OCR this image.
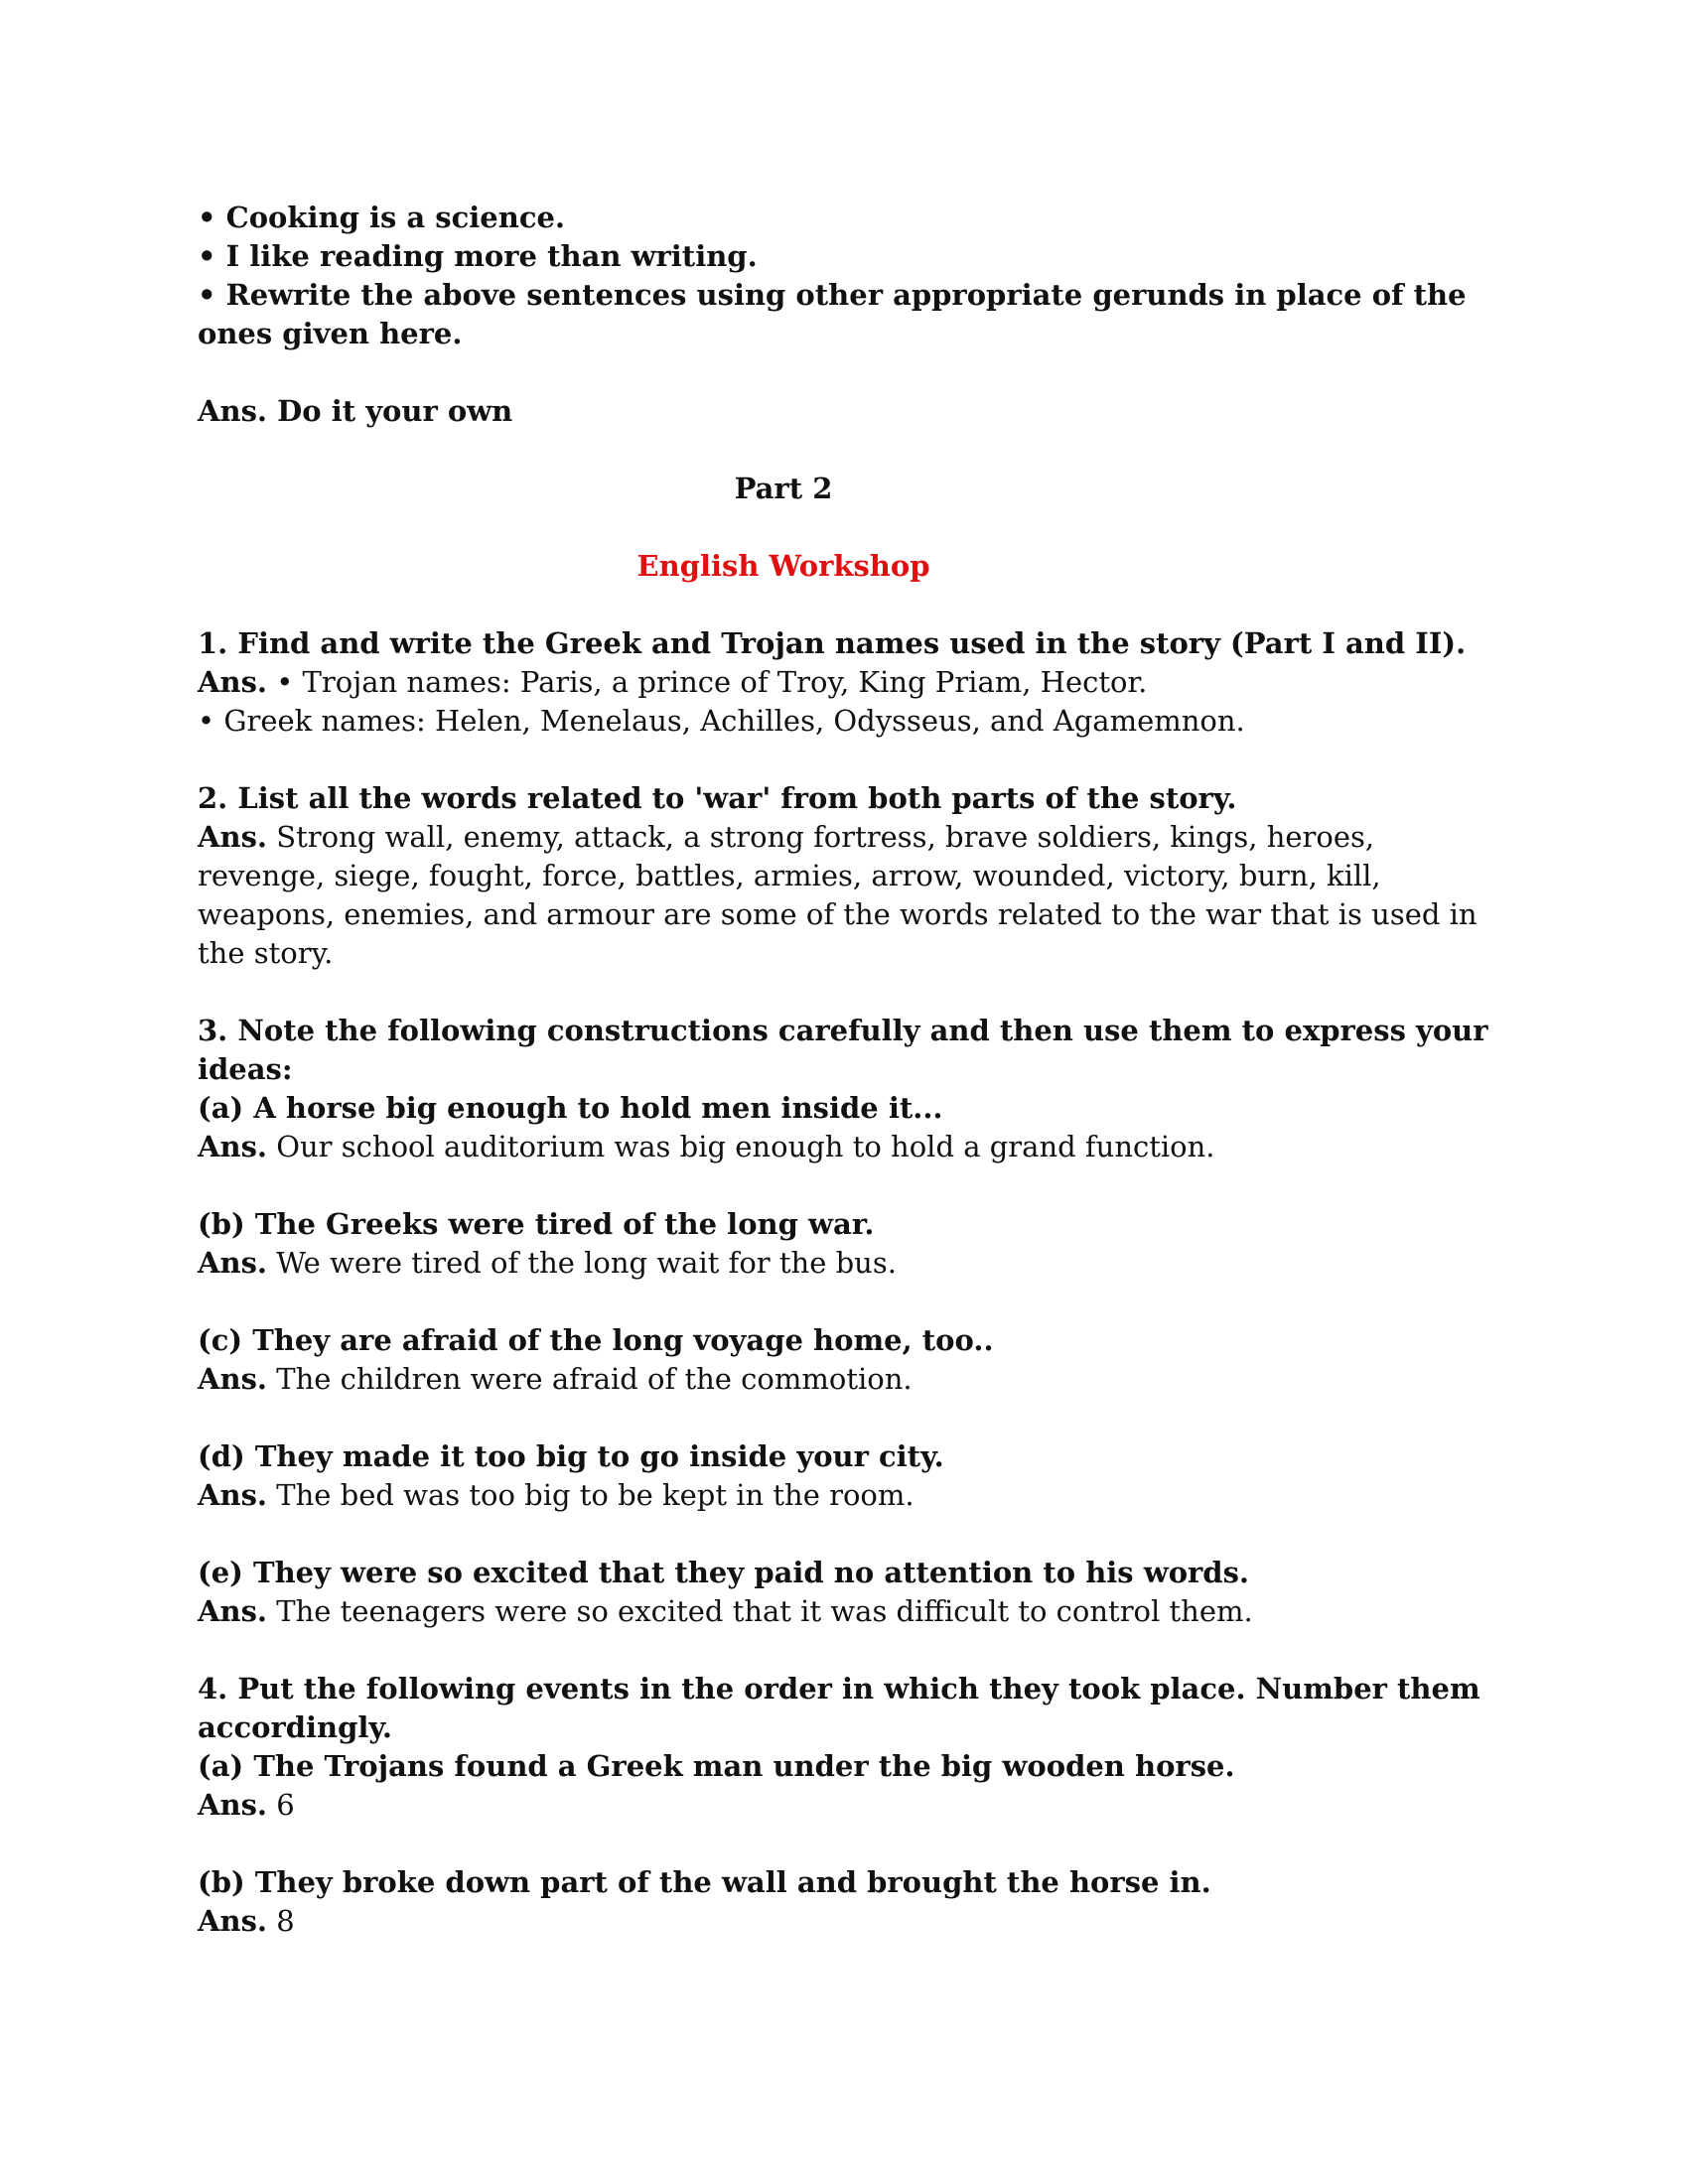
• Cooking is a science.
• I like reading more than writing.
• Rewrite the above sentences using other appropriate gerunds in place of the ones given here.
Ans. Do it your own
Part 2
English Workshop
1. Find and write the Greek and Trojan names used in the story (Part I and II).
Ans. • Trojan names: Paris, a prince of Troy, King Priam, Hector.
• Greek names: Helen, Menelaus, Achilles, Odysseus, and Agamemnon.
2. List all the words related to 'war' from both parts of the story.
Ans. Strong wall, enemy, attack, a strong fortress, brave soldiers, kings, heroes, revenge, siege, fought, force, battles, armies, arrow, wounded, victory, burn, kill, weapons, enemies, and armour are some of the words related to the war that is used in the story.
3. Note the following constructions carefully and then use them to express your ideas:
(a) A horse big enough to hold men inside it...
Ans. Our school auditorium was big enough to hold a grand function.
(b) The Greeks were tired of the long war.
Ans. We were tired of the long wait for the bus.
(c) They are afraid of the long voyage home, too..
Ans. The children were afraid of the commotion.
(d) They made it too big to go inside your city.
Ans. The bed was too big to be kept in the room.
(e) They were so excited that they paid no attention to his words.
Ans. The teenagers were so excited that it was difficult to control them.
4. Put the following events in the order in which they took place. Number them accordingly.
(a) The Trojans found a Greek man under the big wooden horse.
Ans. 6
(b) They broke down part of the wall and brought the horse in.
Ans. 8
